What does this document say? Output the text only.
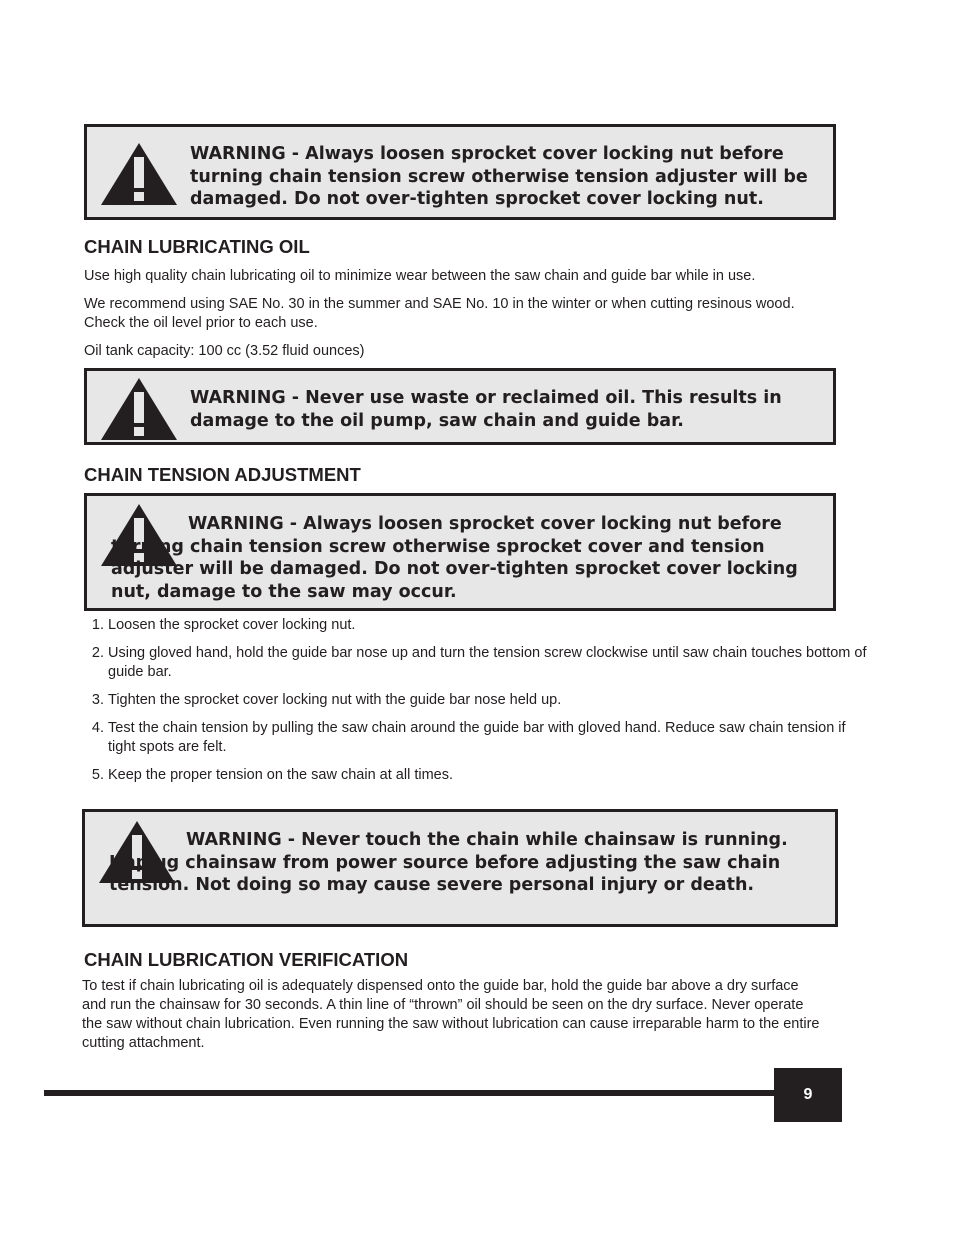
WARNING - Always loosen sprocket cover locking nut before turning chain tension screw otherwise tension adjuster will be damaged. Do not over-tighten sprocket cover locking nut.

CHAIN LUBRICATING OIL

Use high quality chain lubricating oil to minimize wear between the saw chain and guide bar while in use.

We recommend using SAE No. 30 in the summer and SAE No. 10 in the winter or when cutting resinous wood. Check the oil level prior to each use.

Oil tank capacity: 100 cc (3.52 fluid ounces)

WARNING - Never use waste or reclaimed oil. This results in damage to the oil pump, saw chain and guide bar.

CHAIN TENSION ADJUSTMENT

WARNING - Always loosen sprocket cover locking nut before turning chain tension screw otherwise sprocket cover and tension adjuster will be damaged. Do not over-tighten sprocket cover locking nut, damage to the saw may occur.

1. Loosen the sprocket cover locking nut.
2. Using gloved hand, hold the guide bar nose up and turn the tension screw clockwise until saw chain touches bottom of guide bar.
3. Tighten the sprocket cover locking nut with the guide bar nose held up.
4. Test the chain tension by pulling the saw chain around the guide bar with gloved hand. Reduce saw chain tension if tight spots are felt.
5. Keep the proper tension on the saw chain at all times.

WARNING - Never touch the chain while chainsaw is running. Unplug chainsaw from power source before adjusting the saw chain tension. Not doing so may cause severe personal injury or death.

CHAIN LUBRICATION VERIFICATION

To test if chain lubricating oil is adequately dispensed onto the guide bar, hold the guide bar above a dry surface and run the chainsaw for 30 seconds. A thin line of “thrown” oil should be seen on the dry surface. Never operate the saw without chain lubrication. Even running the saw without lubrication can cause irreparable harm to the entire cutting attachment.

9
